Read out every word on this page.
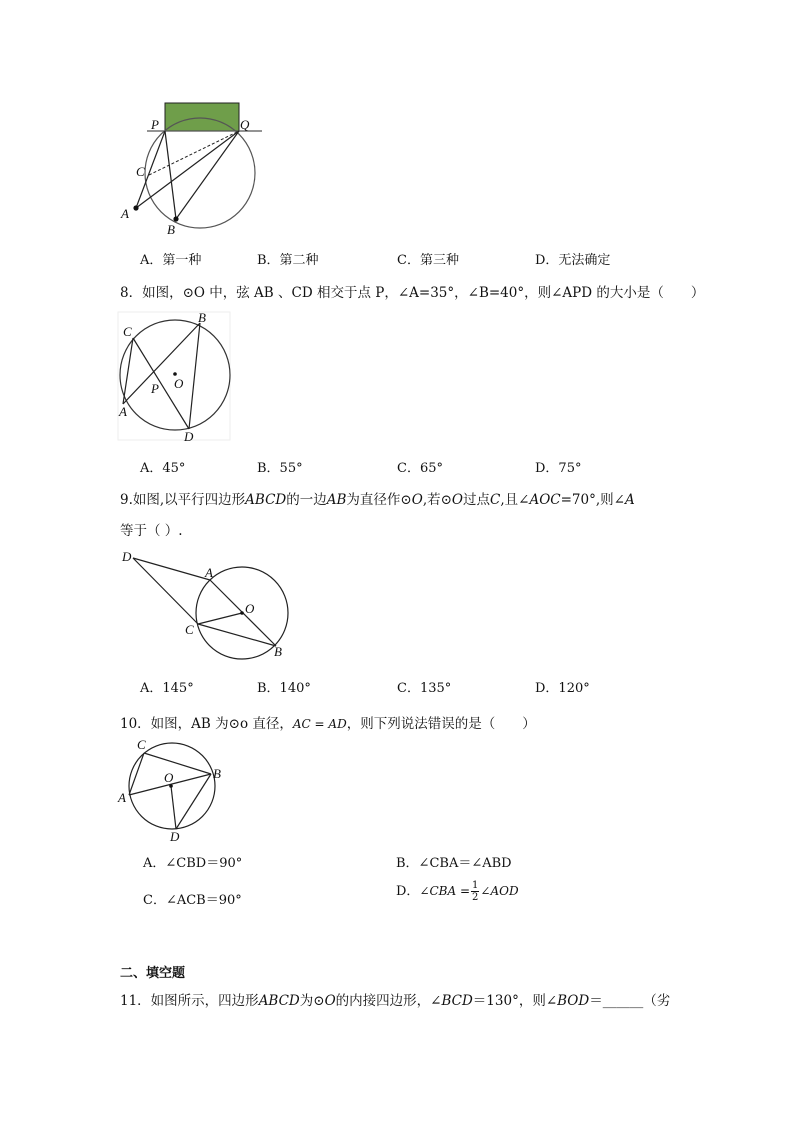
P	Q
C
A
B
A．第一种	B．第二种	C．第三种	D．无法确定
8．如图，⊙O 中，弦 AB 、CD 相交于点 P，∠A=35°，∠B=40°，则∠APD 的大小是（　　）
C
B
P O
A
D
A．45°	B．55°	C．65°	D．75°
9.如图,以平行四边形ABCD的一边AB为直径作⊙O,若⊙O过点C,且∠AOC=70°,则∠A
等于（ ）.
D
A
O
C
B
A．145°	B．140°	C．135°	D．120°
10．如图，AB 为⊙o 直径，AC = AD，则下列说法错误的是（　　）
C
O	B
A
D
A．∠CBD＝90°	B．∠CBA＝∠ABD
C．∠ACB＝90°
D．∠CBA = $\frac{1}{2}$ ∠AOD
二、填空题
11．如图所示，四边形ABCD为⊙O的内接四边形，∠BCD＝130°，则∠BOD＝______（劣
